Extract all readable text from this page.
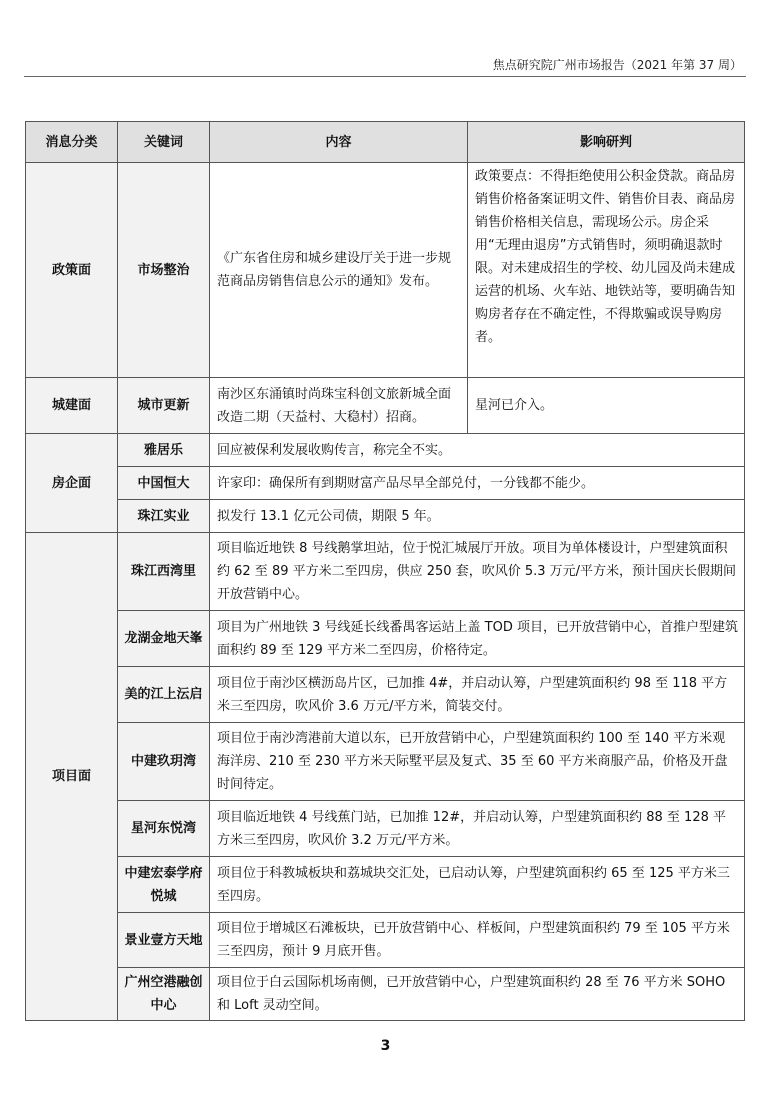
焦点研究院广州市场报告（2021 年第 37 周）
消息分类	关键词	内容	影响研判
政策面	市场整治	《广东省住房和城乡建设厅关于进一步规范商品房销售信息公示的通知》发布。	政策要点：不得拒绝使用公积金贷款。商品房销售价格备案证明文件、销售价目表、商品房销售价格相关信息，需现场公示。房企采用“无理由退房”方式销售时，须明确退款时限。对未建成招生的学校、幼儿园及尚未建成运营的机场、火车站、地铁站等，要明确告知购房者存在不确定性，不得欺骗或误导购房者。
城建面	城市更新	南沙区东涌镇时尚珠宝科创文旅新城全面改造二期（天益村、大稳村）招商。	星河已介入。
房企面	雅居乐	回应被保利发展收购传言，称完全不实。	
	中国恒大	许家印：确保所有到期财富产品尽早全部兑付，一分钱都不能少。	
	珠江实业	拟发行 13.1 亿元公司债，期限 5 年。	
项目面	珠江西湾里	项目临近地铁 8 号线鹅掌坦站，位于悦汇城展厅开放。项目为单体楼设计，户型建筑面积约 62 至 89 平方米二至四房，供应 250 套，吹风价 5.3 万元/平方米，预计国庆长假期间开放营销中心。	
	龙湖金地天峯	项目为广州地铁 3 号线延长线番禺客运站上盖 TOD 项目，已开放营销中心，首推户型建筑面积约 89 至 129 平方米二至四房，价格待定。	
	美的江上沄启	项目位于南沙区横沥岛片区，已加推 4#，并启动认筹，户型建筑面积约 98 至 118 平方米三至四房，吹风价 3.6 万元/平方米，简装交付。	
	中建玖玥湾	项目位于南沙湾港前大道以东，已开放营销中心，户型建筑面积约 100 至 140 平方米观海洋房、210 至 230 平方米天际墅平层及复式、35 至 60 平方米商服产品，价格及开盘时间待定。	
	星河东悦湾	项目临近地铁 4 号线蕉门站，已加推 12#，并启动认筹，户型建筑面积约 88 至 128 平方米三至四房，吹风价 3.2 万元/平方米。	
	中建宏泰学府悦城	项目位于科教城板块和荔城块交汇处，已启动认筹，户型建筑面积约 65 至 125 平方米三至四房。	
	景业壹方天地	项目位于增城区石滩板块，已开放营销中心、样板间，户型建筑面积约 79 至 105 平方米三至四房，预计 9 月底开售。	
	广州空港融创中心	项目位于白云国际机场南侧，已开放营销中心，户型建筑面积约 28 至 76 平方米 SOHO 和 Loft 灵动空间。	
3
